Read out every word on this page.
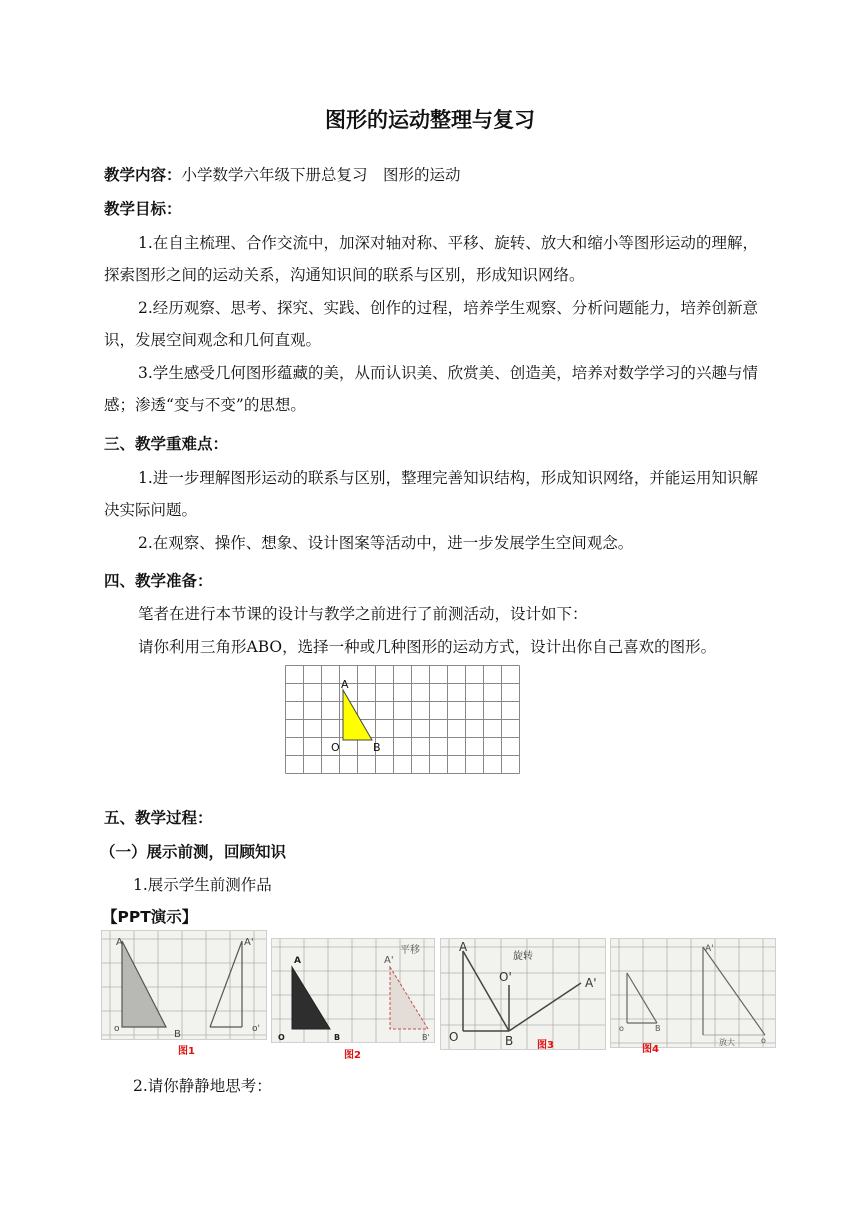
图形的运动整理与复习
教学内容：小学数学六年级下册总复习　图形的运动
教学目标：
1.在自主梳理、合作交流中，加深对轴对称、平移、旋转、放大和缩小等图形运动的理解，探索图形之间的运动关系，沟通知识间的联系与区别，形成知识网络。
2.经历观察、思考、探究、实践、创作的过程，培养学生观察、分析问题能力，培养创新意识，发展空间观念和几何直观。
3.学生感受几何图形蕴藏的美，从而认识美、欣赏美、创造美，培养对数学学习的兴趣与情感；渗透“变与不变”的思想。
三、教学重难点：
1.进一步理解图形运动的联系与区别，整理完善知识结构，形成知识网络，并能运用知识解决实际问题。
2.在观察、操作、想象、设计图案等活动中，进一步发展学生空间观念。
四、教学准备：
笔者在进行本节课的设计与教学之前进行了前测活动，设计如下：
请你利用三角形ABO，选择一种或几种图形的运动方式，设计出你自己喜欢的图形。
A
O	B
五、教学过程：
（一）展示前测，回顾知识
1.展示学生前测作品
【PPT演示】
A	A'
o	B	o'
图1
A	A'
平移
O	B	B'
图2
A
O'
旋转
A'
O	B 图3
A'
o	B
o
放大
图4
2.请你静静地思考：
